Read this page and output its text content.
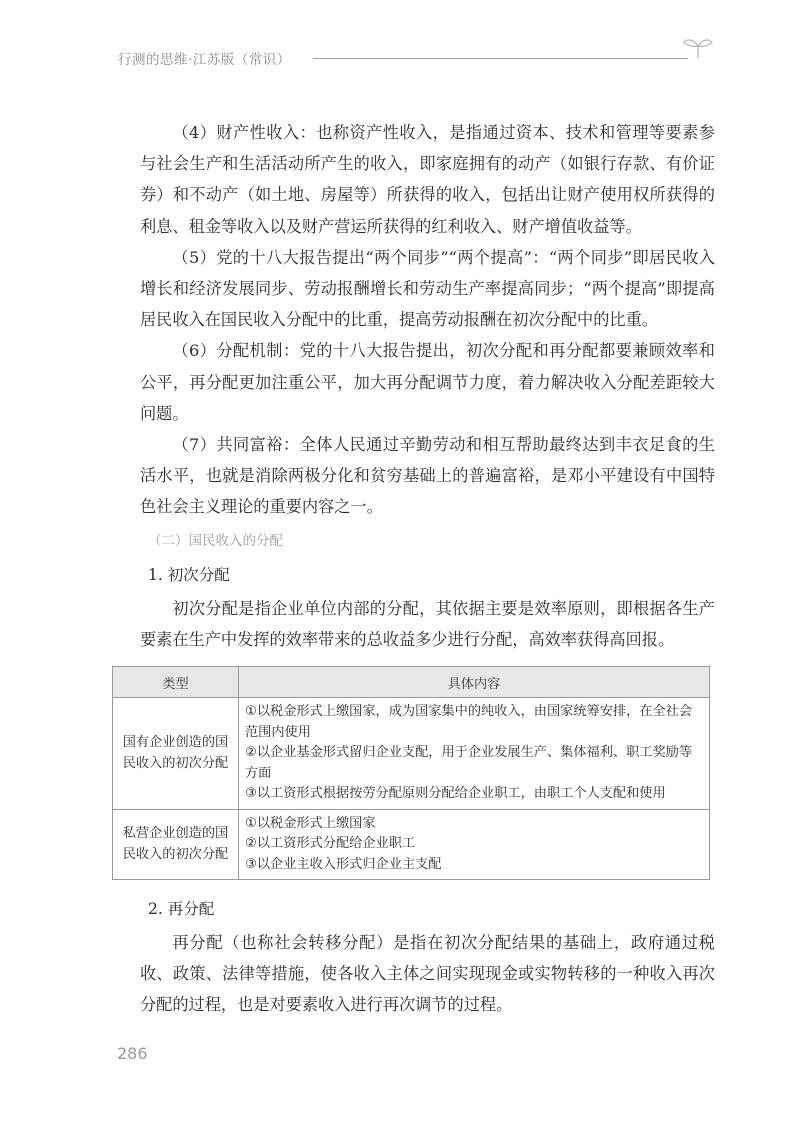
行测的思维·江苏版（常识）

（4）财产性收入：也称资产性收入，是指通过资本、技术和管理等要素参与社会生产和生活活动所产生的收入，即家庭拥有的动产（如银行存款、有价证券）和不动产（如土地、房屋等）所获得的收入，包括出让财产使用权所获得的利息、租金等收入以及财产营运所获得的红利收入、财产增值收益等。

（5）党的十八大报告提出“两个同步”“两个提高”：“两个同步”即居民收入增长和经济发展同步、劳动报酬增长和劳动生产率提高同步；“两个提高”即提高居民收入在国民收入分配中的比重，提高劳动报酬在初次分配中的比重。

（6）分配机制：党的十八大报告提出，初次分配和再分配都要兼顾效率和公平，再分配更加注重公平，加大再分配调节力度，着力解决收入分配差距较大问题。

（7）共同富裕：全体人民通过辛勤劳动和相互帮助最终达到丰衣足食的生活水平，也就是消除两极分化和贫穷基础上的普遍富裕，是邓小平建设有中国特色社会主义理论的重要内容之一。

（二）国民收入的分配
1. 初次分配

初次分配是指企业单位内部的分配，其依据主要是效率原则，即根据各生产要素在生产中发挥的效率带来的总收益多少进行分配，高效率获得高回报。

类型	具体内容
国有企业创造的国民收入的初次分配	①以税金形式上缴国家，成为国家集中的纯收入，由国家统筹安排，在全社会范围内使用
②以企业基金形式留归企业支配，用于企业发展生产、集体福利、职工奖励等方面
③以工资形式根据按劳分配原则分配给企业职工，由职工个人支配和使用

私营企业创造的国民收入的初次分配	①以税金形式上缴国家
②以工资形式分配给企业职工
③以企业主收入形式归企业主支配
2. 再分配

再分配（也称社会转移分配）是指在初次分配结果的基础上，政府通过税收、政策、法律等措施，使各收入主体之间实现现金或实物转移的一种收入再次分配的过程，也是对要素收入进行再次调节的过程。

286
